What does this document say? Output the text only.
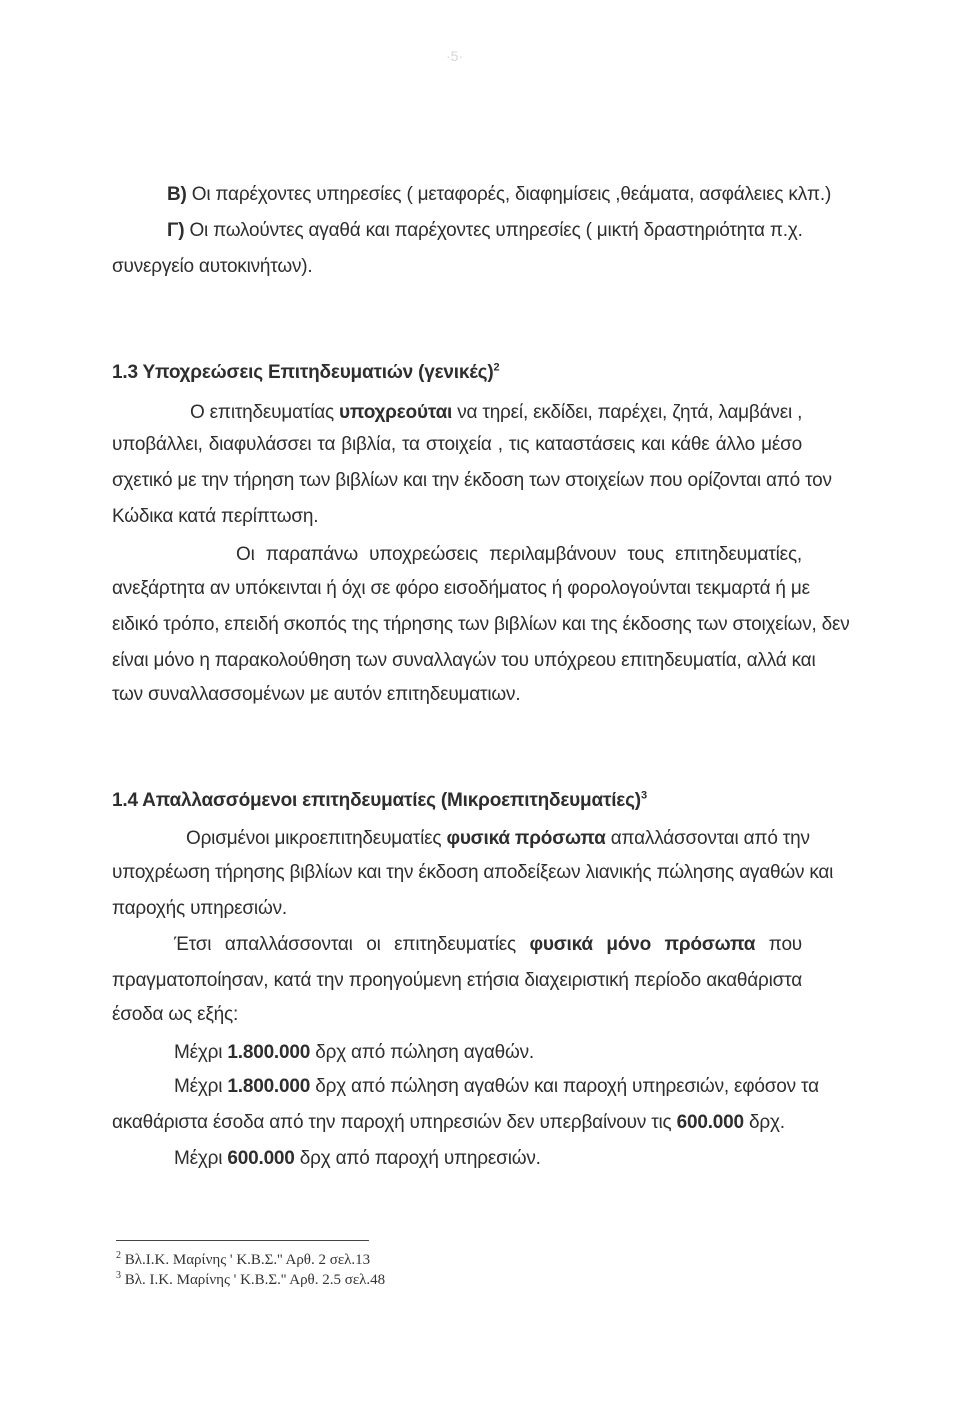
·5·
Β) Οι παρέχοντες υπηρεσίες ( μεταφορές, διαφημίσεις ,θεάματα, ασφάλειες κλπ.)
Γ) Οι πωλούντες αγαθά και παρέχοντες υπηρεσίες ( μικτή δραστηριότητα π.χ.
συνεργείο αυτοκινήτων).
1.3 Υποχρεώσεις Επιτηδευματιών $(\gamma\varepsilon\nu\iota\kappa έ\varsigma)^2$
Ο επιτηδευματίας υποχρεούται να τηρεί, εκδίδει, παρέχει, ζητά, λαμβάνει ,
υποβάλλει, διαφυλάσσει τα βιβλία, τα στοιχεία , τις καταστάσεις και κάθε άλλο μέσο
σχετικό με την τήρηση των βιβλίων και την έκδοση των στοιχείων που ορίζονται από τον
Κώδικα κατά περίπτωση.
Οι παραπάνω υποχρεώσεις περιλαμβάνουν τους επιτηδευματίες,
ανεξάρτητα αν υπόκεινται ή όχι σε φόρο εισοδήματος ή φορολογούνται τεκμαρτά ή με
ειδικό τρόπο, επειδή σκοπός της τήρησης των βιβλίων και της έκδοσης των στοιχείων, δεν
είναι μόνο η παρακολούθηση των συναλλαγών του υπόχρεου επιτηδευματία, αλλά και
των συναλλασσομένων με αυτόν επιτηδευματιων.
1.4 Απαλλασσόμενοι επιτηδευματίες $(M\iota\kappa\rho o\varepsilon\pi\iota\tau\eta\delta\varepsilon\upsilon\mu\alpha\tau ί\varepsilon\varsigma)^3$
Ορισμένοι μικροεπιτηδευματίες φυσικά πρόσωπα απαλλάσσονται από την
υποχρέωση τήρησης βιβλίων και την έκδοση αποδείξεων λιανικής πώλησης αγαθών και
παροχής υπηρεσιών.
Έτσι απαλλάσσονται οι επιτηδευματίες φυσικά μόνο πρόσωπα που
πραγματοποίησαν, κατά την προηγούμενη ετήσια διαχειριστική περίοδο ακαθάριστα
έσοδα ως εξής:
Μέχρι 1.800.000 δρχ από πώληση αγαθών.
Μέχρι 1.800.000 δρχ από πώληση αγαθών και παροχή υπηρεσιών, εφόσον τα
ακαθάριστα έσοδα από την παροχή υπηρεσιών δεν υπερβαίνουν τις 600.000 δρχ.
Μέχρι 600.000 δρχ από παροχή υπηρεσιών.
$^2$ Βλ.Ι.Κ. Μαρίνης ' Κ.Β.Σ.'' Αρθ. 2 σελ.13
$^3$ Βλ. Ι.Κ. Μαρίνης ' Κ.Β.Σ.'' Αρθ. 2.5 σελ.48
